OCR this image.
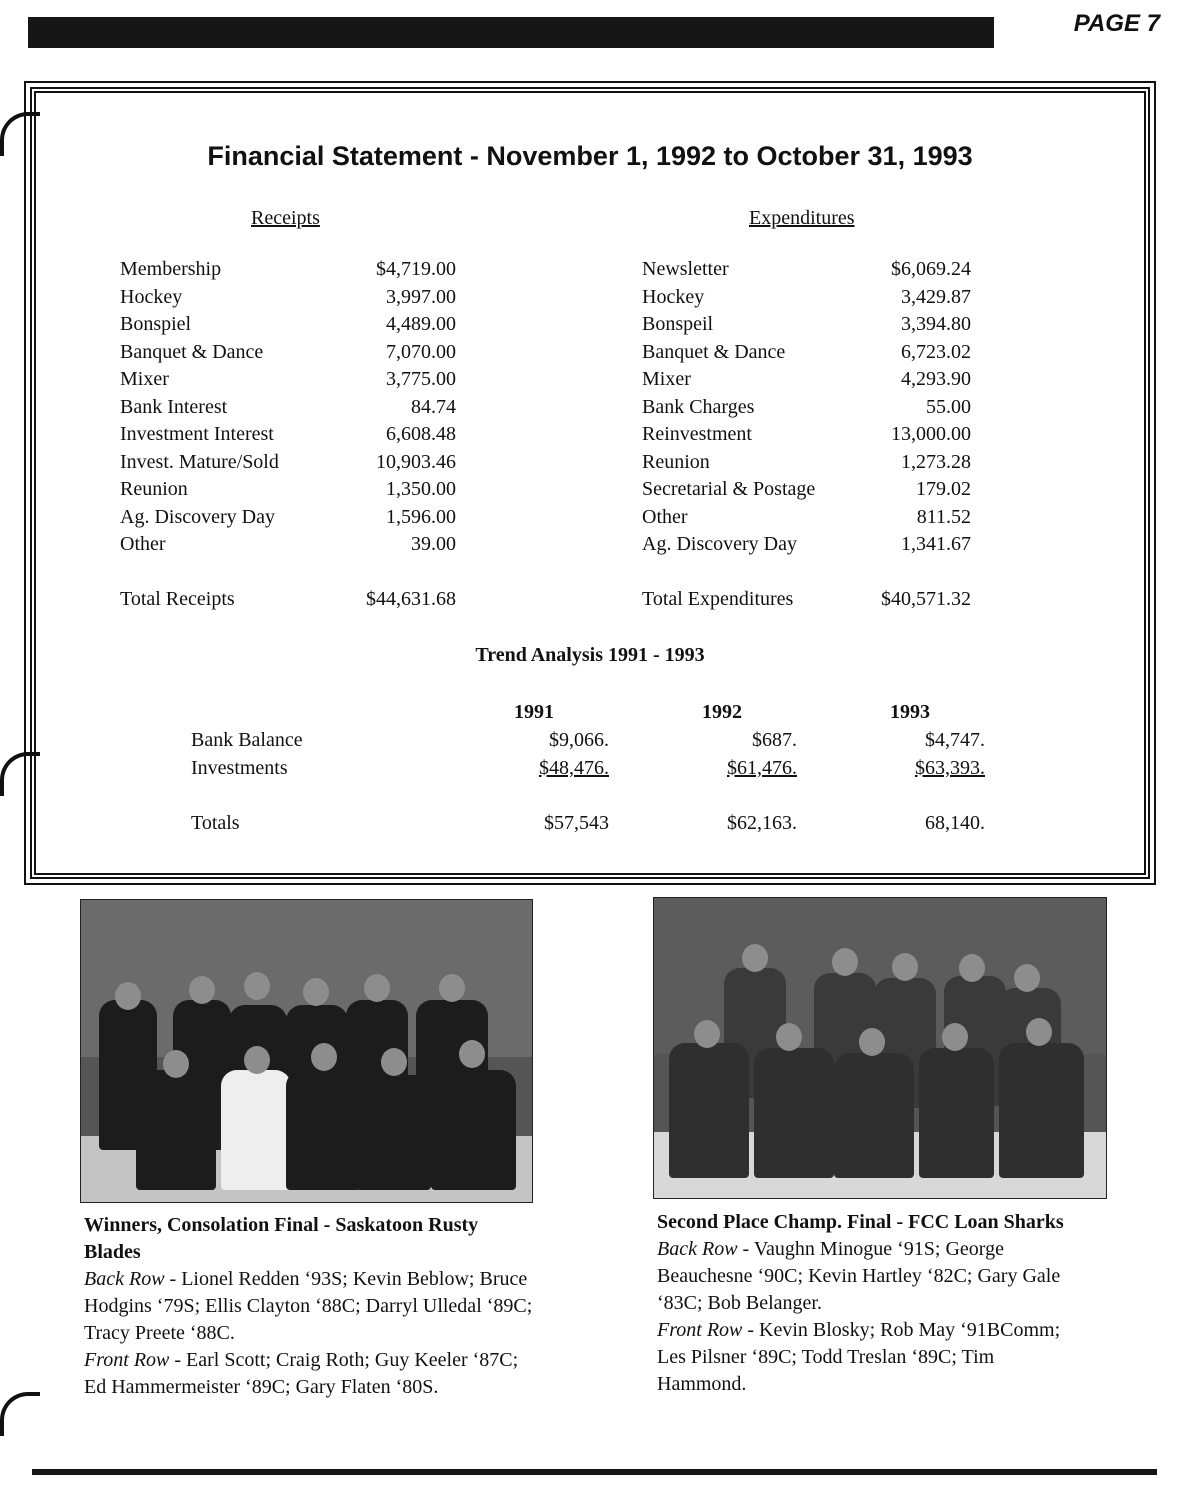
PAGE 7
Financial Statement - November 1, 1992 to October 31, 1993
Receipts	Expenditures
Membership	$4,719.00
Hockey	3,997.00
Bonspiel	4,489.00
Banquet & Dance	7,070.00
Mixer	3,775.00
Bank Interest	84.74
Investment Interest	6,608.48
Invest. Mature/Sold	10,903.46
Reunion	1,350.00
Ag. Discovery Day	1,596.00
Other	39.00
Total Receipts	$44,631.68
Newsletter	$6,069.24
Hockey	3,429.87
Bonspeil	3,394.80
Banquet & Dance	6,723.02
Mixer	4,293.90
Bank Charges	55.00
Reinvestment	13,000.00
Reunion	1,273.28
Secretarial & Postage	179.02
Other	811.52
Ag. Discovery Day	1,341.67
Total Expenditures	$40,571.32
Trend Analysis 1991 - 1993
1991	1992	1993
Bank Balance	$9,066.	$687.	$4,747.
Investments	$48,476.	$61,476.	$63,393.
Totals	$57,543	$62,163.	68,140.
Winners, Consolation Final - Saskatoon Rusty Blades
Back Row - Lionel Redden ‘93S; Kevin Beblow; Bruce Hodgins ‘79S; Ellis Clayton ‘88C; Darryl Ulledal ‘89C; Tracy Preete ‘88C.
Front Row - Earl Scott; Craig Roth; Guy Keeler ‘87C; Ed Hammermeister ‘89C; Gary Flaten ‘80S.
Second Place Champ. Final - FCC Loan Sharks
Back Row - Vaughn Minogue ‘91S; George Beauchesne ‘90C; Kevin Hartley ‘82C; Gary Gale ‘83C; Bob Belanger.
Front Row - Kevin Blosky; Rob May ‘91BComm; Les Pilsner ‘89C; Todd Treslan ‘89C; Tim Hammond.
